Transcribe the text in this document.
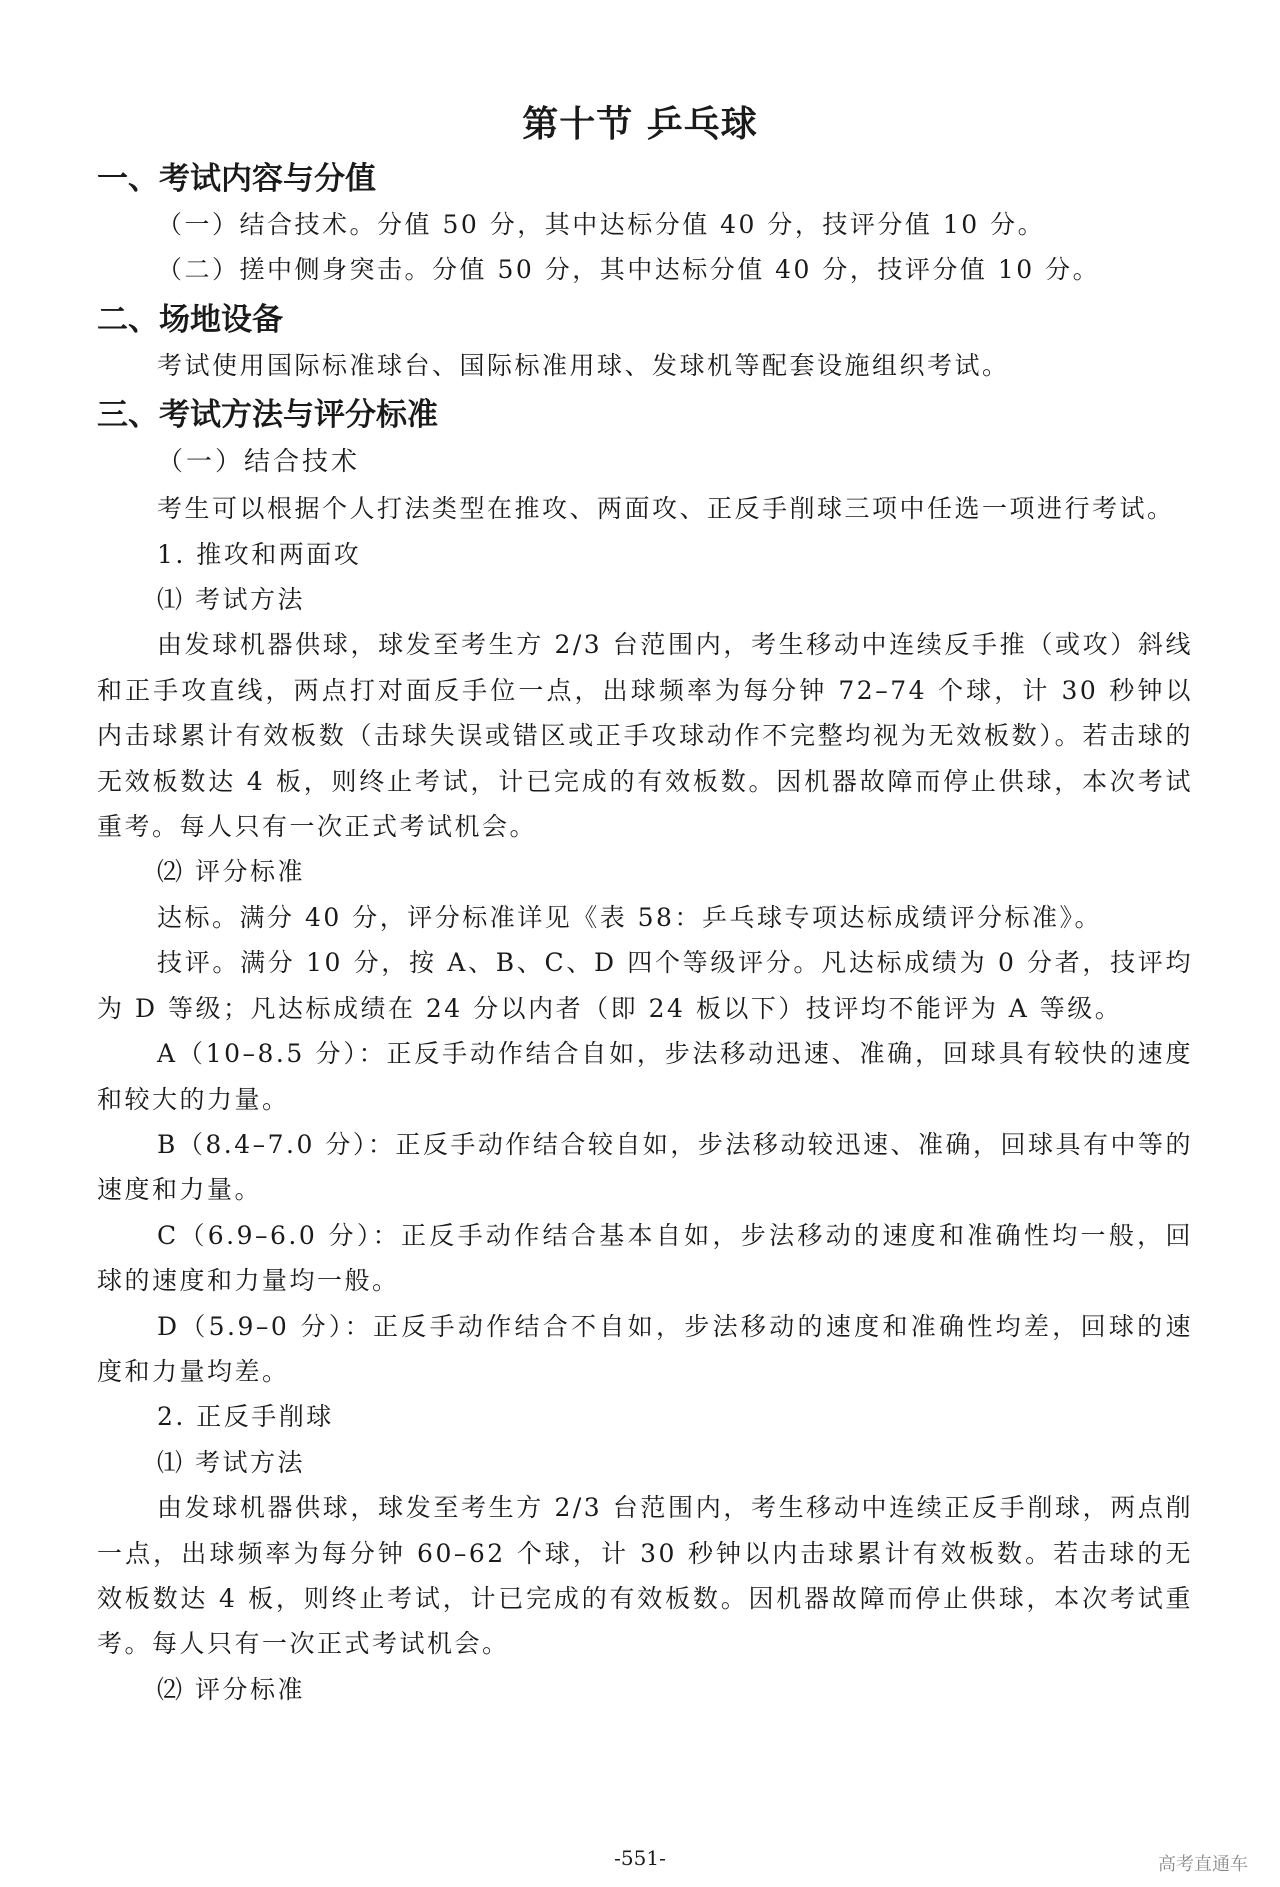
第十节 乒乓球
一、考试内容与分值

（一）结合技术。分值 50 分，其中达标分值 40 分，技评分值 10 分。

（二）搓中侧身突击。分值 50 分，其中达标分值 40 分，技评分值 10 分。

二、场地设备

考试使用国际标准球台、国际标准用球、发球机等配套设施组织考试。

三、考试方法与评分标准

（一）结合技术

考生可以根据个人打法类型在推攻、两面攻、正反手削球三项中任选一项进行考试。

1. 推攻和两面攻

⑴ 考试方法

由发球机器供球，球发至考生方 2/3 台范围内，考生移动中连续反手推（或攻）斜线和正手攻直线，两点打对面反手位一点，出球频率为每分钟 72–74 个球，计 30 秒钟以内击球累计有效板数（击球失误或错区或正手攻球动作不完整均视为无效板数）。若击球的无效板数达 4 板，则终止考试，计已完成的有效板数。因机器故障而停止供球，本次考试重考。每人只有一次正式考试机会。

⑵ 评分标准

达标。满分 40 分，评分标准详见《表 58：乒乓球专项达标成绩评分标准》。

技评。满分 10 分，按 A、B、C、D 四个等级评分。凡达标成绩为 0 分者，技评均为 D 等级；凡达标成绩在 24 分以内者（即 24 板以下）技评均不能评为 A 等级。

A（10–8.5 分）：正反手动作结合自如，步法移动迅速、准确，回球具有较快的速度和较大的力量。

B（8.4–7.0 分）：正反手动作结合较自如，步法移动较迅速、准确，回球具有中等的速度和力量。

C（6.9–6.0 分）：正反手动作结合基本自如，步法移动的速度和准确性均一般，回球的速度和力量均一般。

D（5.9–0 分）：正反手动作结合不自如，步法移动的速度和准确性均差，回球的速度和力量均差。

2. 正反手削球

⑴ 考试方法

由发球机器供球，球发至考生方 2/3 台范围内，考生移动中连续正反手削球，两点削一点，出球频率为每分钟 60–62 个球，计 30 秒钟以内击球累计有效板数。若击球的无效板数达 4 板，则终止考试，计已完成的有效板数。因机器故障而停止供球，本次考试重考。每人只有一次正式考试机会。

⑵ 评分标准

-551-	高考直通车
